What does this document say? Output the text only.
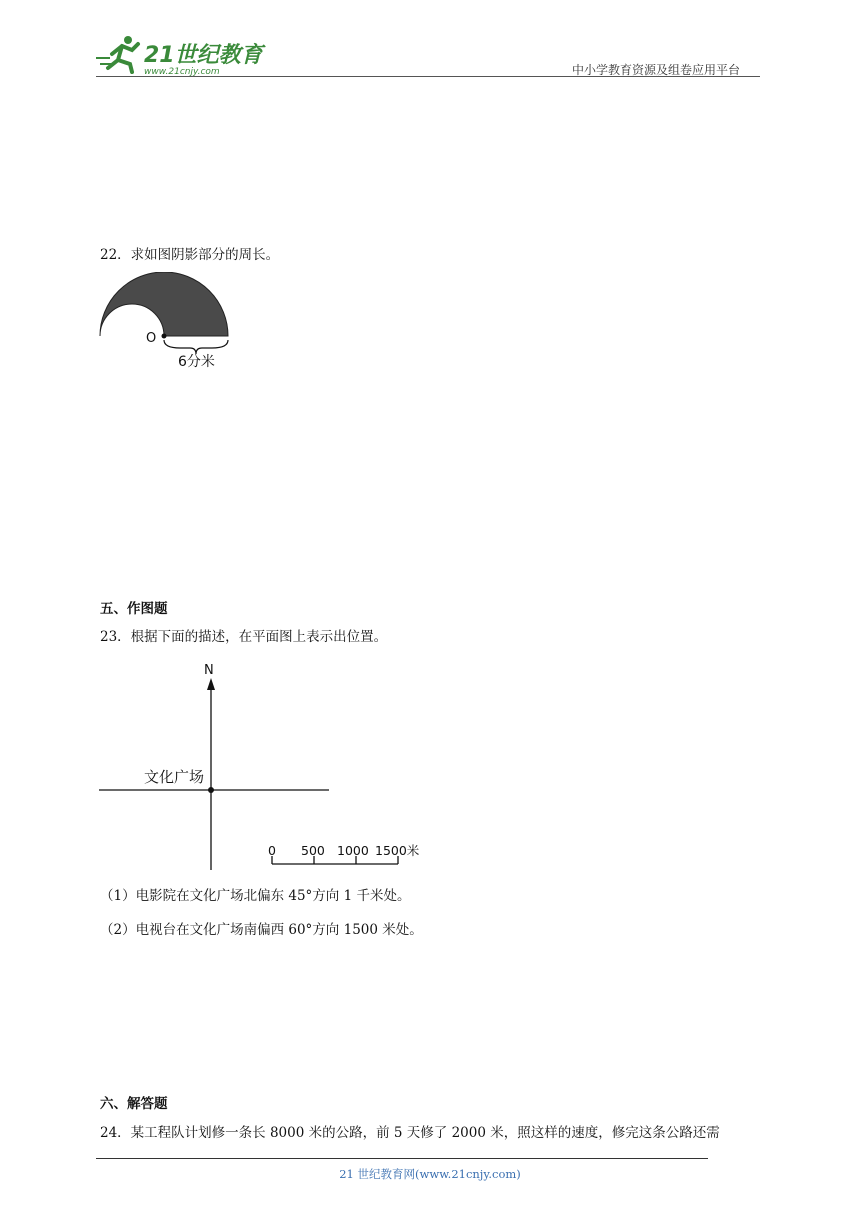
21世纪教育
www.21cnjy.com	中小学教育资源及组卷应用平台
22．求如图阴影部分的周长。
O
6分米
五、作图题
23．根据下面的描述，在平面图上表示出位置。
N
文化广场
0 500 1000 1500米
（1）电影院在文化广场北偏东 45°方向 1 千米处。
（2）电视台在文化广场南偏西 60°方向 1500 米处。
六、解答题
24．某工程队计划修一条长 8000 米的公路，前 5 天修了 2000 米，照这样的速度，修完这条公路还需
21 世纪教育网(www.21cnjy.com)
